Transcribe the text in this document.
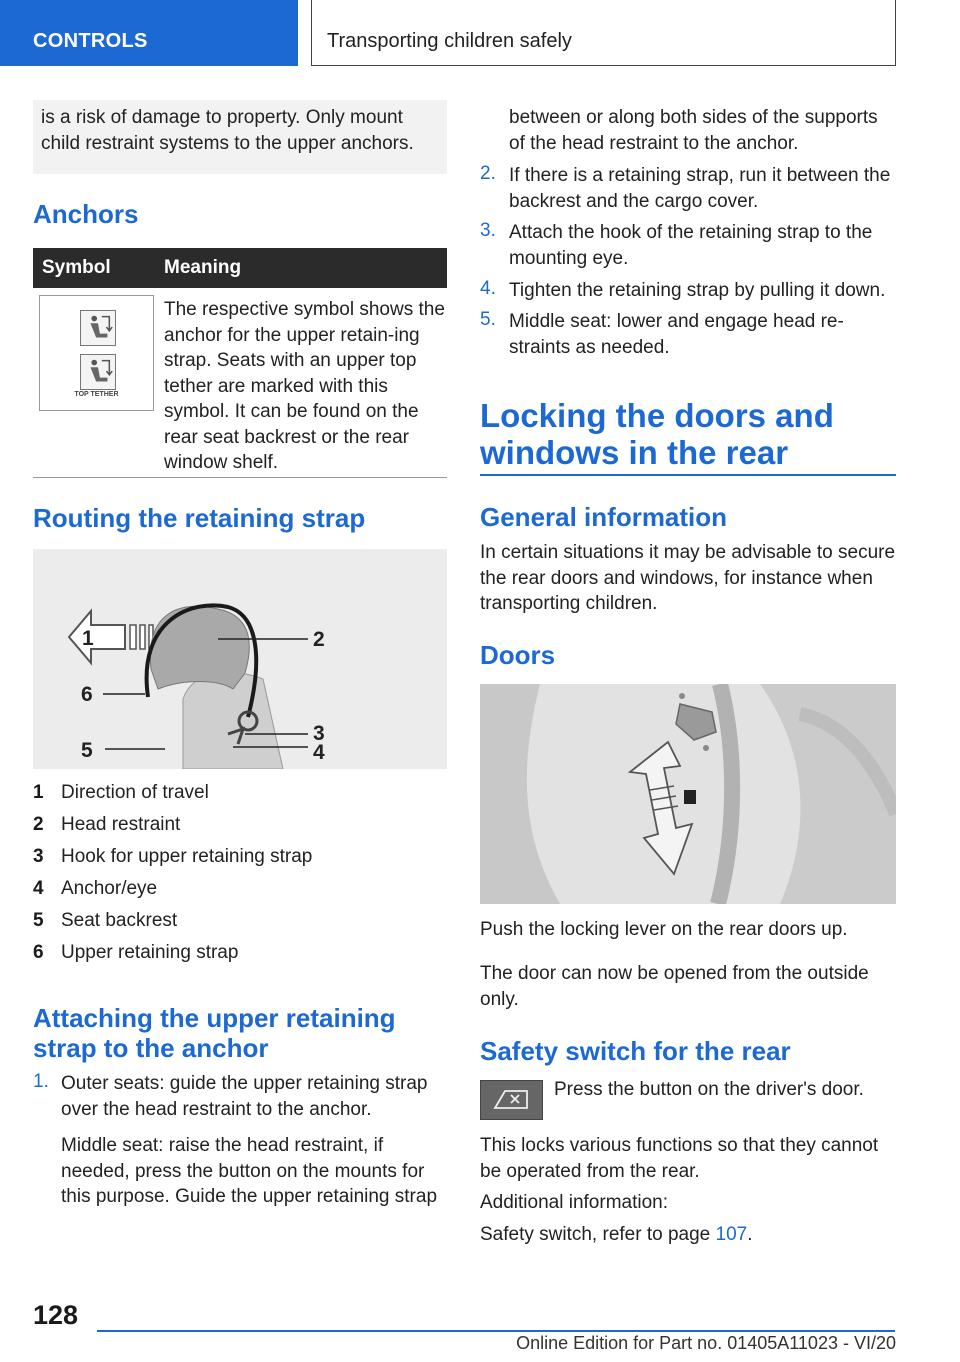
CONTROLS	Transporting children safely
is a risk of damage to property. Only mount child restraint systems to the upper anchors.
Anchors
Symbol	Meaning
TOP TETHER
The respective symbol shows the anchor for the upper retain-ing strap. Seats with an upper top tether are marked with this symbol. It can be found on the rear seat backrest or the rear window shelf.
Routing the retaining strap
1	2
3
4
5
6
1 Direction of travel
2 Head restraint
3 Hook for upper retaining strap
4 Anchor/eye
5 Seat backrest
6 Upper retaining strap
Attaching the upper retaining
strap to the anchor
1. Outer seats: guide the upper retaining strap
over the head restraint to the anchor.
Middle seat: raise the head restraint, if
needed, press the button on the mounts for
this purpose. Guide the upper retaining strap
between or along both sides of the supports
of the head restraint to the anchor.
2. If there is a retaining strap, run it between the
backrest and the cargo cover.
3. Attach the hook of the retaining strap to the
mounting eye.
4. Tighten the retaining strap by pulling it down.
5. Middle seat: lower and engage head re-
straints as needed.
Locking the doors and
windows in the rear
General information
In certain situations it may be advisable to secure
the rear doors and windows, for instance when
transporting children.
Doors
Push the locking lever on the rear doors up.
The door can now be opened from the outside
only.
Safety switch for the rear
Press the button on the driver's door.
This locks various functions so that they cannot
be operated from the rear.
Additional information:
Safety switch, refer to page 107.
128
Online Edition for Part no. 01405A11023 - VI/20
